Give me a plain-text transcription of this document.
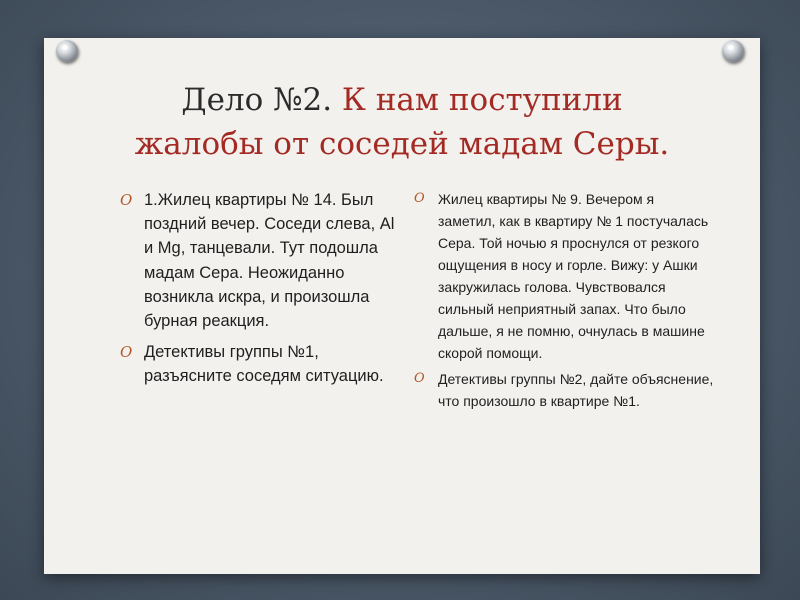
Дело №2. К нам поступили
жалобы от соседей мадам Серы.
O 1.Жилец квартиры № 14. Был поздний вечер. Соседи слева, Al и Mg, танцевали. Тут подошла мадам Сера. Неожиданно возникла искра, и произошла бурная реакция.
O Детективы группы №1, разъясните соседям ситуацию.
O Жилец квартиры № 9. Вечером я заметил, как в квартиру № 1 постучалась Сера. Той ночью я проснулся от резкого ощущения в носу и горле. Вижу: у Ашки закружилась голова. Чувствовался сильный неприятный запах. Что было дальше, я не помню, очнулась в машине скорой помощи.
O Детективы группы №2, дайте объяснение, что произошло в квартире №1.
